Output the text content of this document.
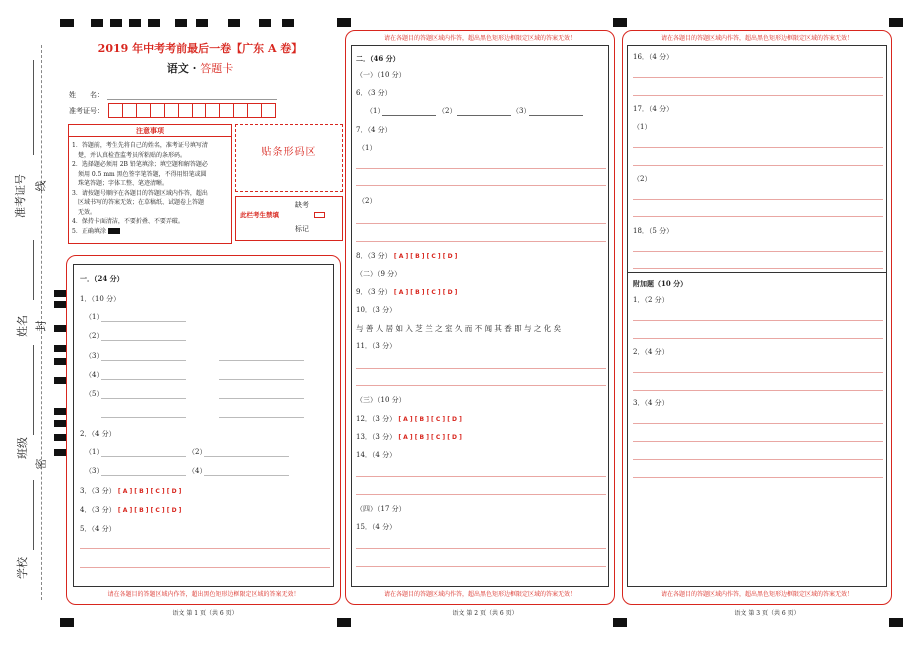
准考证号 线
姓名 封
班级
密
学校
2019 年中考考前最后一卷【广东 A 卷】
语文 · 答题卡
姓　　名：
准考证号：
注意事项
1．答题前，考生先将自己的姓名，准考证号填写清
　楚，并认真检查监考员所粘贴的条形码。
2．选择题必须用 2B 铅笔填涂；填空题和解答题必
　须用 0.5 mm 黑色签字笔答题，不得用铅笔或圆
　珠笔答题；字体工整、笔迹清晰。
3．请按题号顺序在各题目的答题区域内作答，超出
　区域书写的答案无效；在草稿纸、试题卷上答题
　无效。
4．保持卡面清洁，不要折叠、不要弄破。
5．正确填涂
贴条形码区
缺考
此栏考生禁填
标记
一．（24 分）
1．（10 分）
（1）
（2）
（3）
（4）
（5）
2．（4 分）
（1）	（2）
（3）	（4）
3．（3 分） [ A ] [ B ] [ C ] [ D ]
4．（3 分） [ A ] [ B ] [ C ] [ D ]
5．（4 分）
请在各题目的答题区域内作答，超出黑色矩形边框限定区域的答案无效！
语文 第 1 页（共 6 页）
请在各题目的答题区域内作答，超出黑色矩形边框限定区域的答案无效！
二．（46 分）
（一）（10 分）
6．（3 分）
（1）	（2）	（3）
7．（4 分）
（1）
（2）
8．（3 分） [ A ] [ B ] [ C ] [ D ]
（二）（9 分）
9．（3 分） [ A ] [ B ] [ C ] [ D ]
10．（3 分）
与 善 人 居 如 入 芝 兰 之 室 久 而 不 闻 其 香 即 与 之 化 矣
11．（3 分）
（三）（10 分）
12．（3 分） [ A ] [ B ] [ C ] [ D ]
13．（3 分） [ A ] [ B ] [ C ] [ D ]
14．（4 分）
（四）（17 分）
15．（4 分）
请在各题目的答题区域内作答，超出黑色矩形边框限定区域的答案无效！
语文 第 2 页（共 6 页）
请在各题目的答题区域内作答，超出黑色矩形边框限定区域的答案无效！
16．（4 分）
17．（4 分）
（1）
（2）
18．（5 分）
附加题（10 分）
1．（2 分）
2．（4 分）
3．（4 分）
请在各题目的答题区域内作答，超出黑色矩形边框限定区域的答案无效！
语文 第 3 页（共 6 页）
